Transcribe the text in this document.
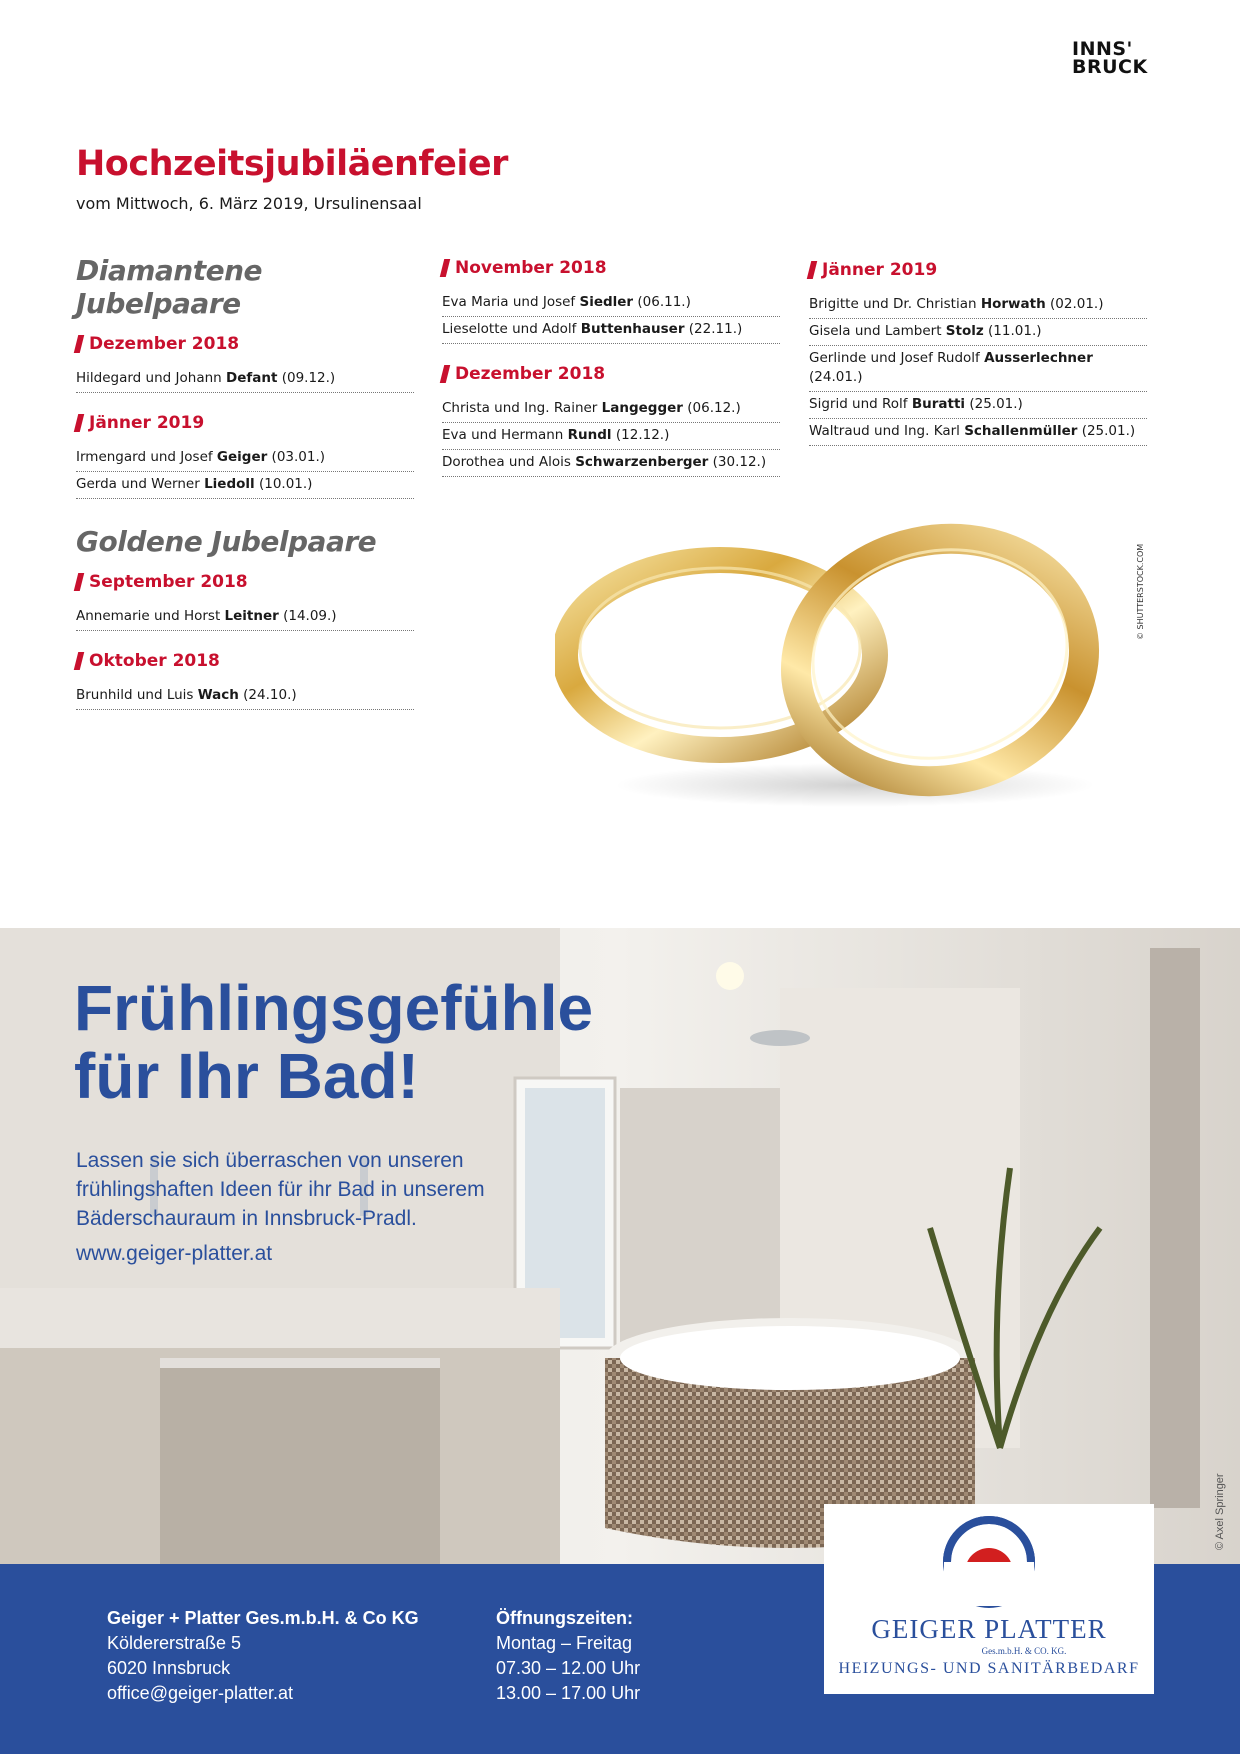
INNS'
BRUCK
Hochzeitsjubiläenfeier
vom Mittwoch, 6. März 2019, Ursulinensaal
Diamantene Jubelpaare
Dezember 2018
Hildegard und Johann Defant (09.12.)
Jänner 2019
Irmengard und Josef Geiger (03.01.)
Gerda und Werner Liedoll (10.01.)
Goldene Jubelpaare
September 2018
Annemarie und Horst Leitner (14.09.)
Oktober 2018
Brunhild und Luis Wach (24.10.)
November 2018
Eva Maria und Josef Siedler (06.11.)
Lieselotte und Adolf Buttenhauser (22.11.)
Dezember 2018
Christa und Ing. Rainer Langegger (06.12.)
Eva und Hermann Rundl (12.12.)
Dorothea und Alois Schwarzenberger (30.12.)
Jänner 2019
Brigitte und Dr. Christian Horwath (02.01.)
Gisela und Lambert Stolz (11.01.)
Gerlinde und Josef Rudolf Ausserlechner (24.01.)
Sigrid und Rolf Buratti (25.01.)
Waltraud und Ing. Karl Schallenmüller (25.01.)
© SHUTTERSTOCK.COM
Frühlingsgefühle
für Ihr Bad!
Lassen sie sich überraschen von unseren frühlingshaften Ideen für ihr Bad in unserem Bäderschauraum in Innsbruck-Pradl.
www.geiger-platter.at
© Axel Springer
Geiger + Platter Ges.m.b.H. & Co KG
Köldererstraße 5
6020 Innsbruck
office@geiger-platter.at
Öffnungszeiten:
Montag – Freitag
07.30 – 12.00 Uhr
13.00 – 17.00 Uhr
GEIGER PLATTER
Ges.m.b.H. & CO. KG.
HEIZUNGS- UND SANITÄRBEDARF
